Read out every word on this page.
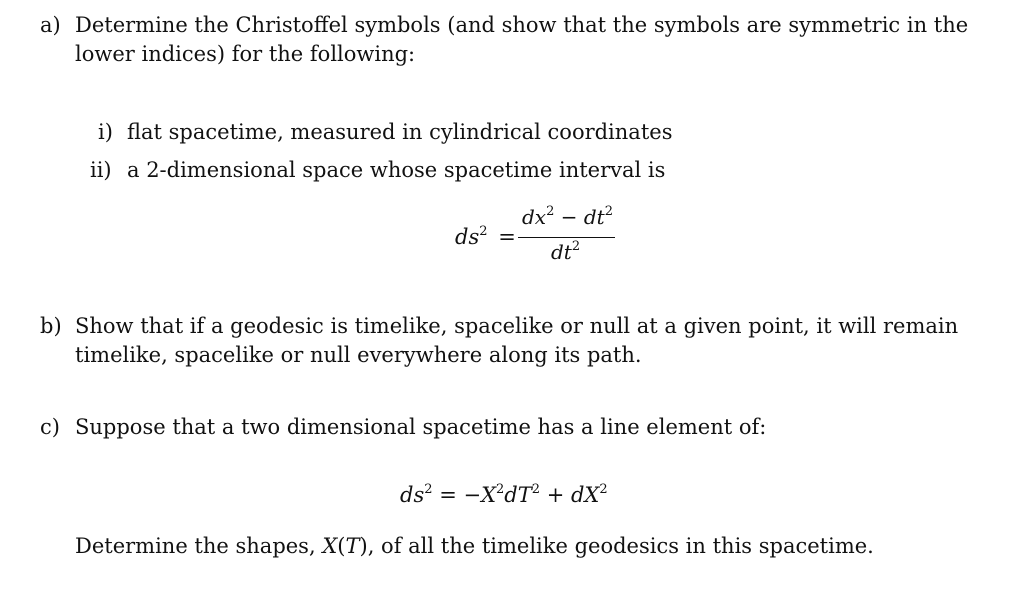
a) Determine the Christoffel symbols (and show that the symbols are symmetric in the
lower indices) for the following:
i) flat spacetime, measured in cylindrical coordinates
ii) a 2-dimensional space whose spacetime interval is
$ds^2$ =
$dx^2 - dt^2$
$dt^2$
b) Show that if a geodesic is timelike, spacelike or null at a given point, it will remain
timelike, spacelike or null everywhere along its path.
c) Suppose that a two dimensional spacetime has a line element of:
$ds^2 = -X^2dT^2 + dX^2$
Determine the shapes, X(T), of all the timelike geodesics in this spacetime.
